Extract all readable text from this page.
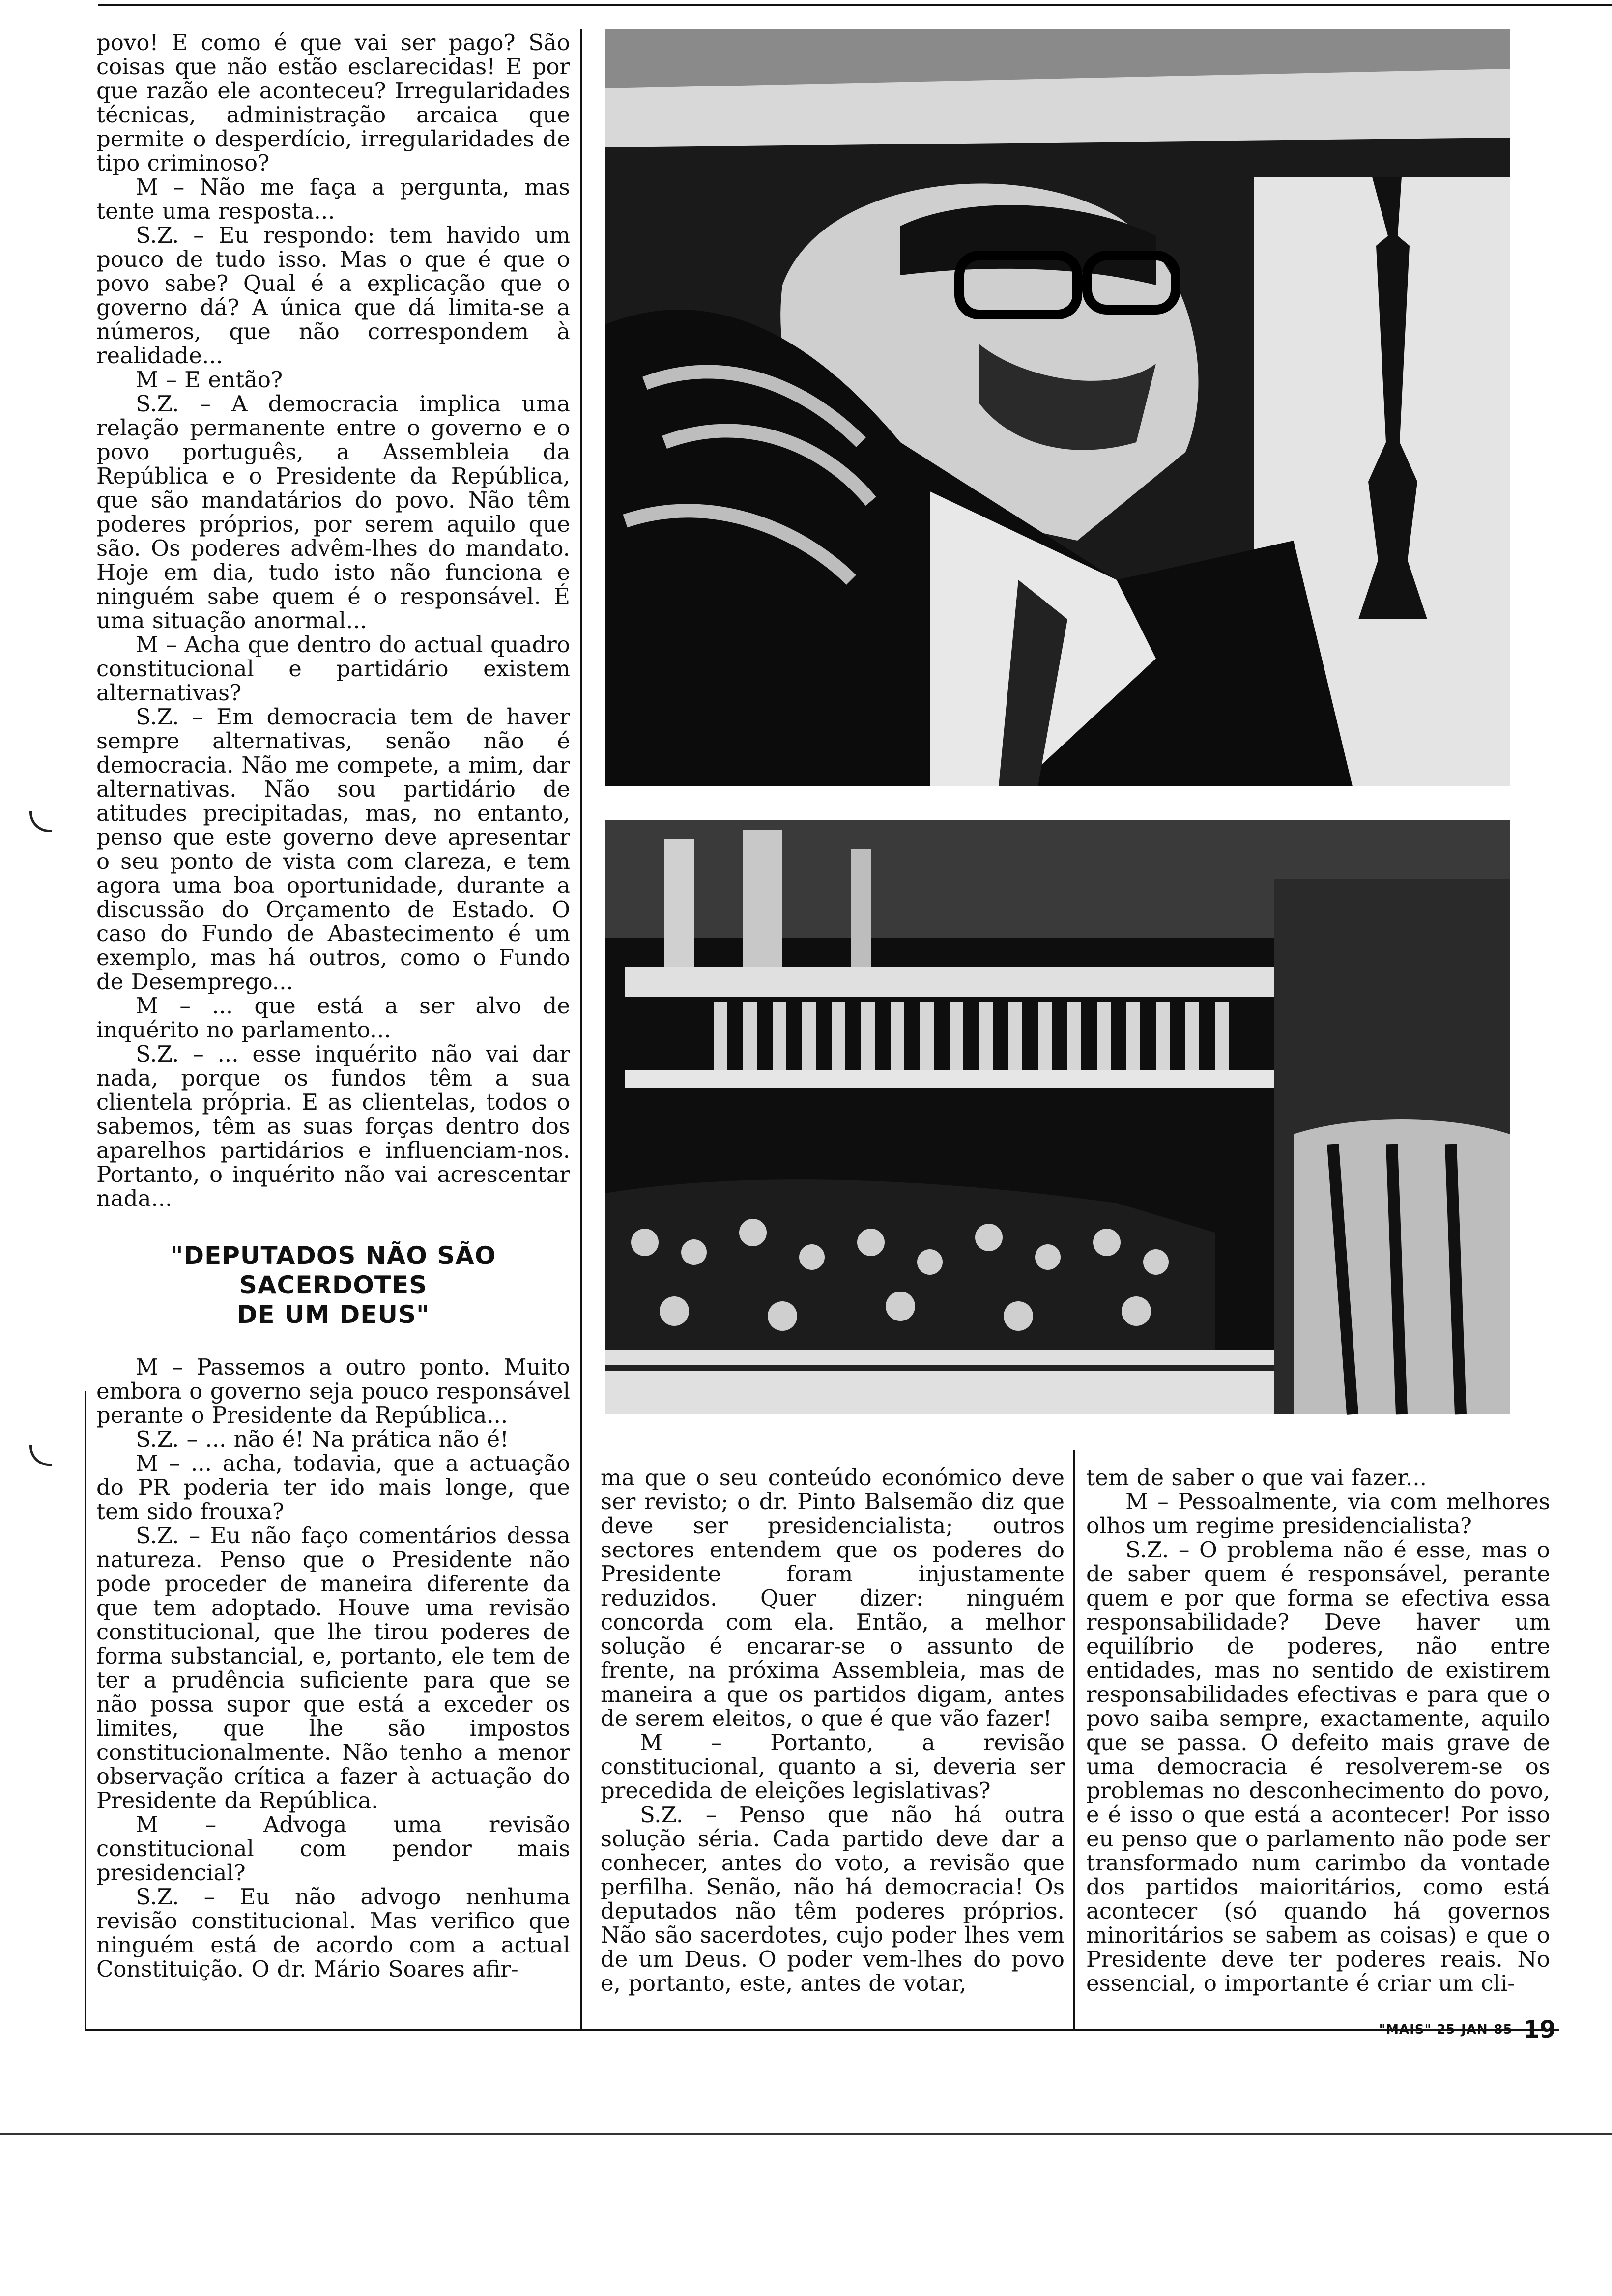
povo! E como é que vai ser pago? São coisas que não estão esclarecidas! E por que razão ele aconteceu? Irregularidades técnicas, administração arcaica que permite o desperdício, irregularidades de tipo criminoso?

M – Não me faça a pergunta, mas tente uma resposta...

S.Z. – Eu respondo: tem havido um pouco de tudo isso. Mas o que é que o povo sabe? Qual é a explicação que o governo dá? A única que dá limita-se a números, que não correspondem à realidade...

M – E então?

S.Z. – A democracia implica uma relação permanente entre o governo e o povo português, a Assembleia da República e o Presidente da República, que são mandatários do povo. Não têm poderes próprios, por serem aquilo que são. Os poderes advêm-lhes do mandato. Hoje em dia, tudo isto não funciona e ninguém sabe quem é o responsável. É uma situação anormal...

M – Acha que dentro do actual quadro constitucional e partidário existem alternativas?

S.Z. – Em democracia tem de haver sempre alternativas, senão não é democracia. Não me compete, a mim, dar alternativas. Não sou partidário de atitudes precipitadas, mas, no entanto, penso que este governo deve apresentar o seu ponto de vista com clareza, e tem agora uma boa oportunidade, durante a discussão do Orçamento de Estado. O caso do Fundo de Abastecimento é um exemplo, mas há outros, como o Fundo de Desemprego...

M – ... que está a ser alvo de inquérito no parlamento...

S.Z. – ... esse inquérito não vai dar nada, porque os fundos têm a sua clientela própria. E as clientelas, todos o sabemos, têm as suas forças dentro dos aparelhos partidários e influenciam-nos. Portanto, o inquérito não vai acrescentar nada...

"DEPUTADOS NÃO SÃO SACERDOTES
DE UM DEUS"

M – Passemos a outro ponto. Muito embora o governo seja pouco responsável perante o Presidente da República...

S.Z. – ... não é! Na prática não é!

M – ... acha, todavia, que a actuação do PR poderia ter ido mais longe, que tem sido frouxa?

S.Z. – Eu não faço comentários dessa natureza. Penso que o Presidente não pode proceder de maneira diferente da que tem adoptado. Houve uma revisão constitucional, que lhe tirou poderes de forma substancial, e, portanto, ele tem de ter a prudência suficiente para que se não possa supor que está a exceder os limites, que lhe são impostos constitucionalmente. Não tenho a menor observação crítica a fazer à actuação do Presidente da República.

M – Advoga uma revisão constitucional com pendor mais presidencial?

S.Z. – Eu não advogo nenhuma revisão constitucional. Mas verifico que ninguém está de acordo com a actual Constituição. O dr. Mário Soares afir-

ma que o seu conteúdo económico deve ser revisto; o dr. Pinto Balsemão diz que deve ser presidencialista; outros sectores entendem que os poderes do Presidente foram injustamente reduzidos. Quer dizer: ninguém concorda com ela. Então, a melhor solução é encarar-se o assunto de frente, na próxima Assembleia, mas de maneira a que os partidos digam, antes de serem eleitos, o que é que vão fazer!

M – Portanto, a revisão constitucional, quanto a si, deveria ser precedida de eleições legislativas?

S.Z. – Penso que não há outra solução séria. Cada partido deve dar a conhecer, antes do voto, a revisão que perfilha. Senão, não há democracia! Os deputados não têm poderes próprios. Não são sacerdotes, cujo poder lhes vem de um Deus. O poder vem-lhes do povo e, portanto, este, antes de votar,

tem de saber o que vai fazer...

M – Pessoalmente, via com melhores olhos um regime presidencialista?

S.Z. – O problema não é esse, mas o de saber quem é responsável, perante quem e por que forma se efectiva essa responsabilidade? Deve haver um equilíbrio de poderes, não entre entidades, mas no sentido de existirem responsabilidades efectivas e para que o povo saiba sempre, exactamente, aquilo que se passa. O defeito mais grave de uma democracia é resolverem-se os problemas no desconhecimento do povo, e é isso o que está a acontecer! Por isso eu penso que o parlamento não pode ser transformado num carimbo da vontade dos partidos maioritários, como está acontecer (só quando há governos minoritários se sabem as coisas) e que o Presidente deve ter poderes reais. No essencial, o importante é criar um cli-

"MAIS" 25-JAN-85 19
